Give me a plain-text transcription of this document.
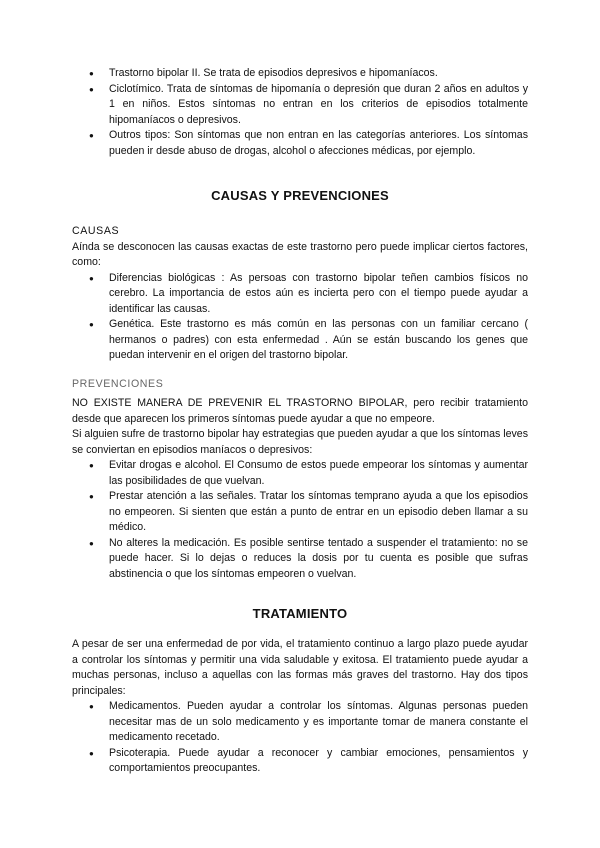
● Trastorno bipolar II. Se trata de episodios depresivos e hipomaníacos.
● Ciclotímico. Trata de síntomas de hipomanía o depresión que duran 2 años en adultos y 1 en niños. Estos síntomas no entran en los criterios de episodios totalmente hipomaníacos o depresivos.
● Outros tipos: Son síntomas que non entran en las categorías anteriores. Los síntomas pueden ir desde abuso de drogas, alcohol o afecciones médicas, por ejemplo.
CAUSAS Y PREVENCIONES

CAUSAS

Aínda se desconocen las causas exactas de este trastorno pero puede implicar ciertos factores, como:

● Diferencias biológicas : As persoas con trastorno bipolar teñen cambios físicos no cerebro. La importancia de estos aún es incierta pero con el tiempo puede ayudar a identificar las causas.
● Genética. Este trastorno es más común en las personas con un familiar cercano ( hermanos o padres) con esta enfermedad . Aún se están buscando los genes que puedan intervenir en el origen del trastorno bipolar.

PREVENCIONES

NO EXISTE MANERA DE PREVENIR EL TRASTORNO BIPOLAR, pero recibir tratamiento desde que aparecen los primeros síntomas puede ayudar a que no empeore.

Si alguien sufre de trastorno bipolar hay estrategias que pueden ayudar a que los síntomas leves se conviertan en episodios maníacos o depresivos:

● Evitar drogas e alcohol. El Consumo de estos puede empeorar los síntomas y aumentar las posibilidades de que vuelvan.
● Prestar atención a las señales. Tratar los síntomas temprano ayuda a que los episodios no empeoren. Si sienten que están a punto de entrar en un episodio deben llamar a su médico.
● No alteres la medicación. Es posible sentirse tentado a suspender el tratamiento: no se puede hacer. Si lo dejas o reduces la dosis por tu cuenta es posible que sufras abstinencia o que los síntomas empeoren o vuelvan.
TRATAMIENTO

A pesar de ser una enfermedad de por vida, el tratamiento continuo a largo plazo puede ayudar a controlar los síntomas y permitir una vida saludable y exitosa. El tratamiento puede ayudar a muchas personas, incluso a aquellas con las formas más graves del trastorno. Hay dos tipos principales:

● Medicamentos. Pueden ayudar a controlar los síntomas. Algunas personas pueden necesitar mas de un solo medicamento y es importante tomar de manera constante el medicamento recetado.
● Psicoterapia. Puede ayudar a reconocer y cambiar emociones, pensamientos y comportamientos preocupantes.
